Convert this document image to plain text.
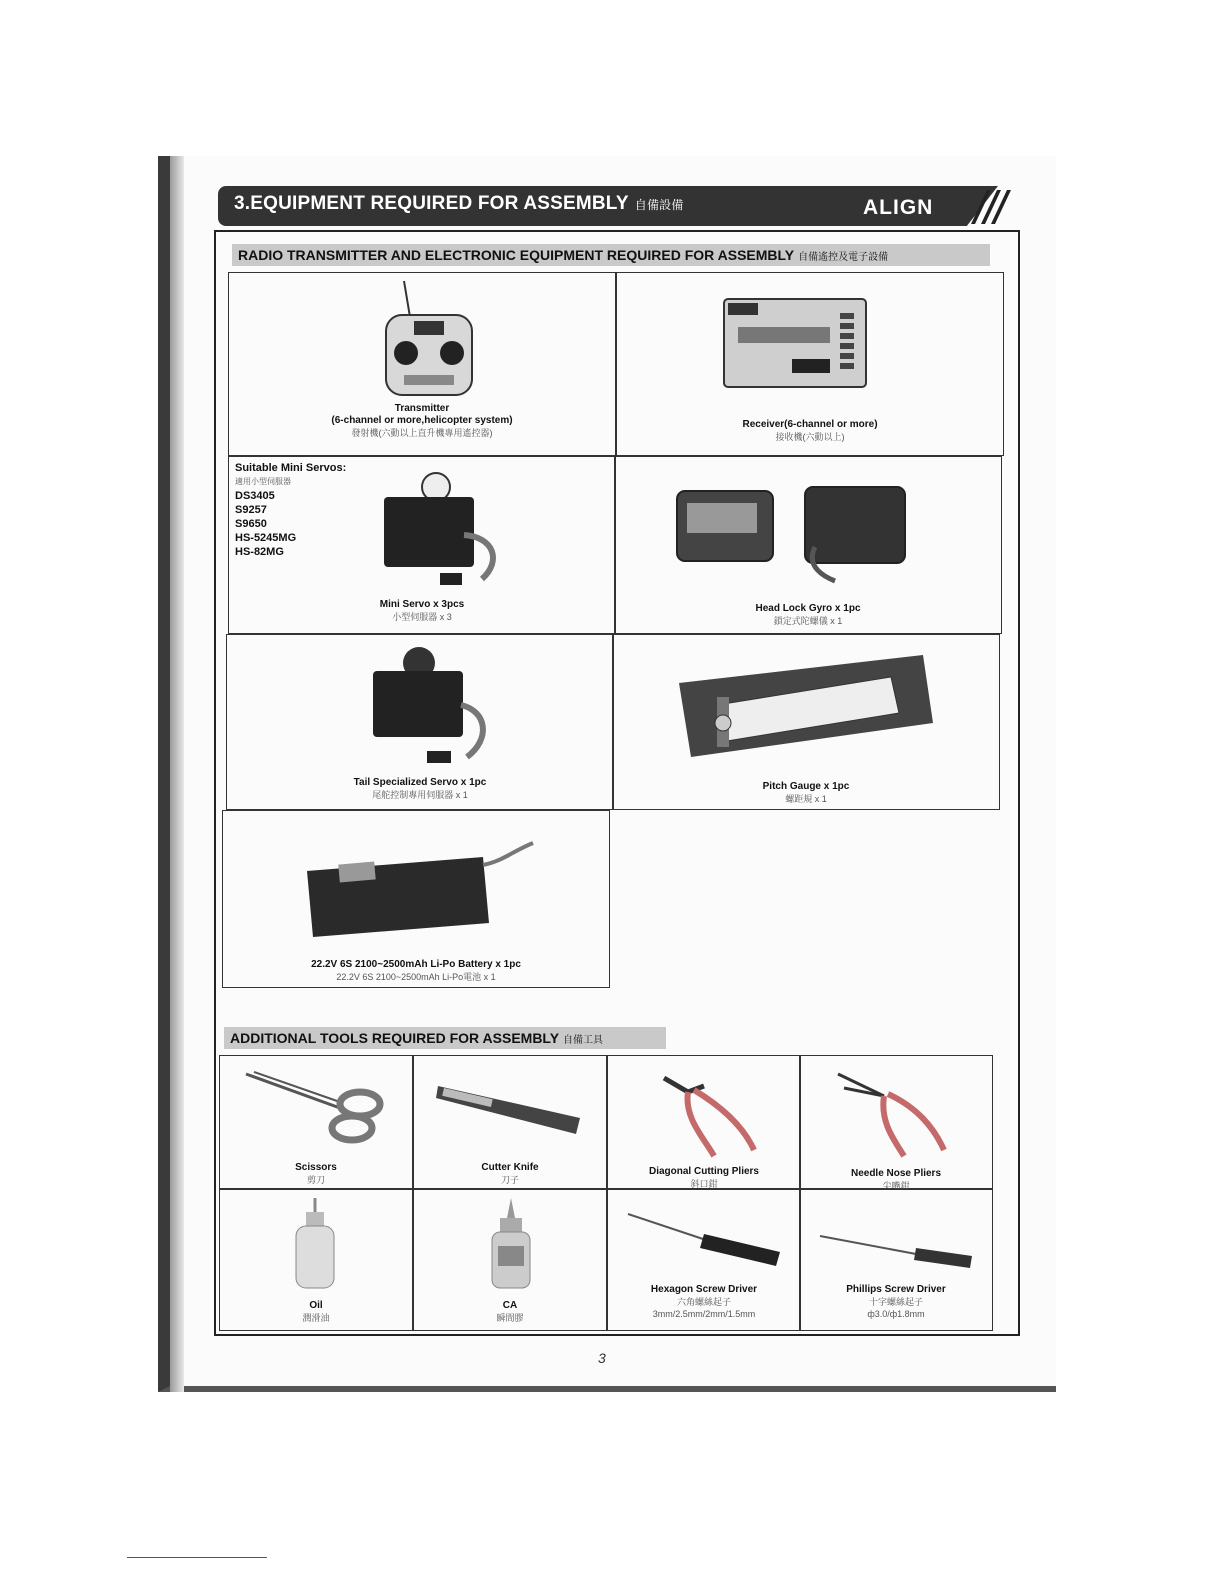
3.EQUIPMENT REQUIRED FOR ASSEMBLY 自備設備	ALIGN
RADIO TRANSMITTER AND ELECTRONIC EQUIPMENT REQUIRED FOR ASSEMBLY 自備遙控及電子設備
Transmitter
(6-channel or more,helicopter system)
發射機(六動以上直升機專用遙控器)
Receiver(6-channel or more)
接收機(六動以上)
Suitable Mini Servos:
適用小型伺服器
DS3405
S9257
S9650
HS-5245MG
HS-82MG
Mini Servo x 3pcs
小型伺服器 x 3
Head Lock Gyro x 1pc
鎖定式陀螺儀 x 1
Tail Specialized Servo x 1pc
尾舵控制專用伺服器 x 1
Pitch Gauge x 1pc
螺距規 x 1
22.2V 6S 2100~2500mAh Li-Po Battery x 1pc
22.2V 6S 2100~2500mAh Li-Po電池 x 1
ADDITIONAL TOOLS REQUIRED FOR ASSEMBLY 自備工具
Scissors
剪刀
Cutter Knife
刀子
Diagonal Cutting Pliers
斜口鉗
Needle Nose Pliers
尖嘴鉗
Oil
潤滑油
CA
瞬間膠
Hexagon Screw Driver
六角螺絲起子
3mm/2.5mm/2mm/1.5mm
Phillips Screw Driver
十字螺絲起子
ф3.0/ф1.8mm
3
